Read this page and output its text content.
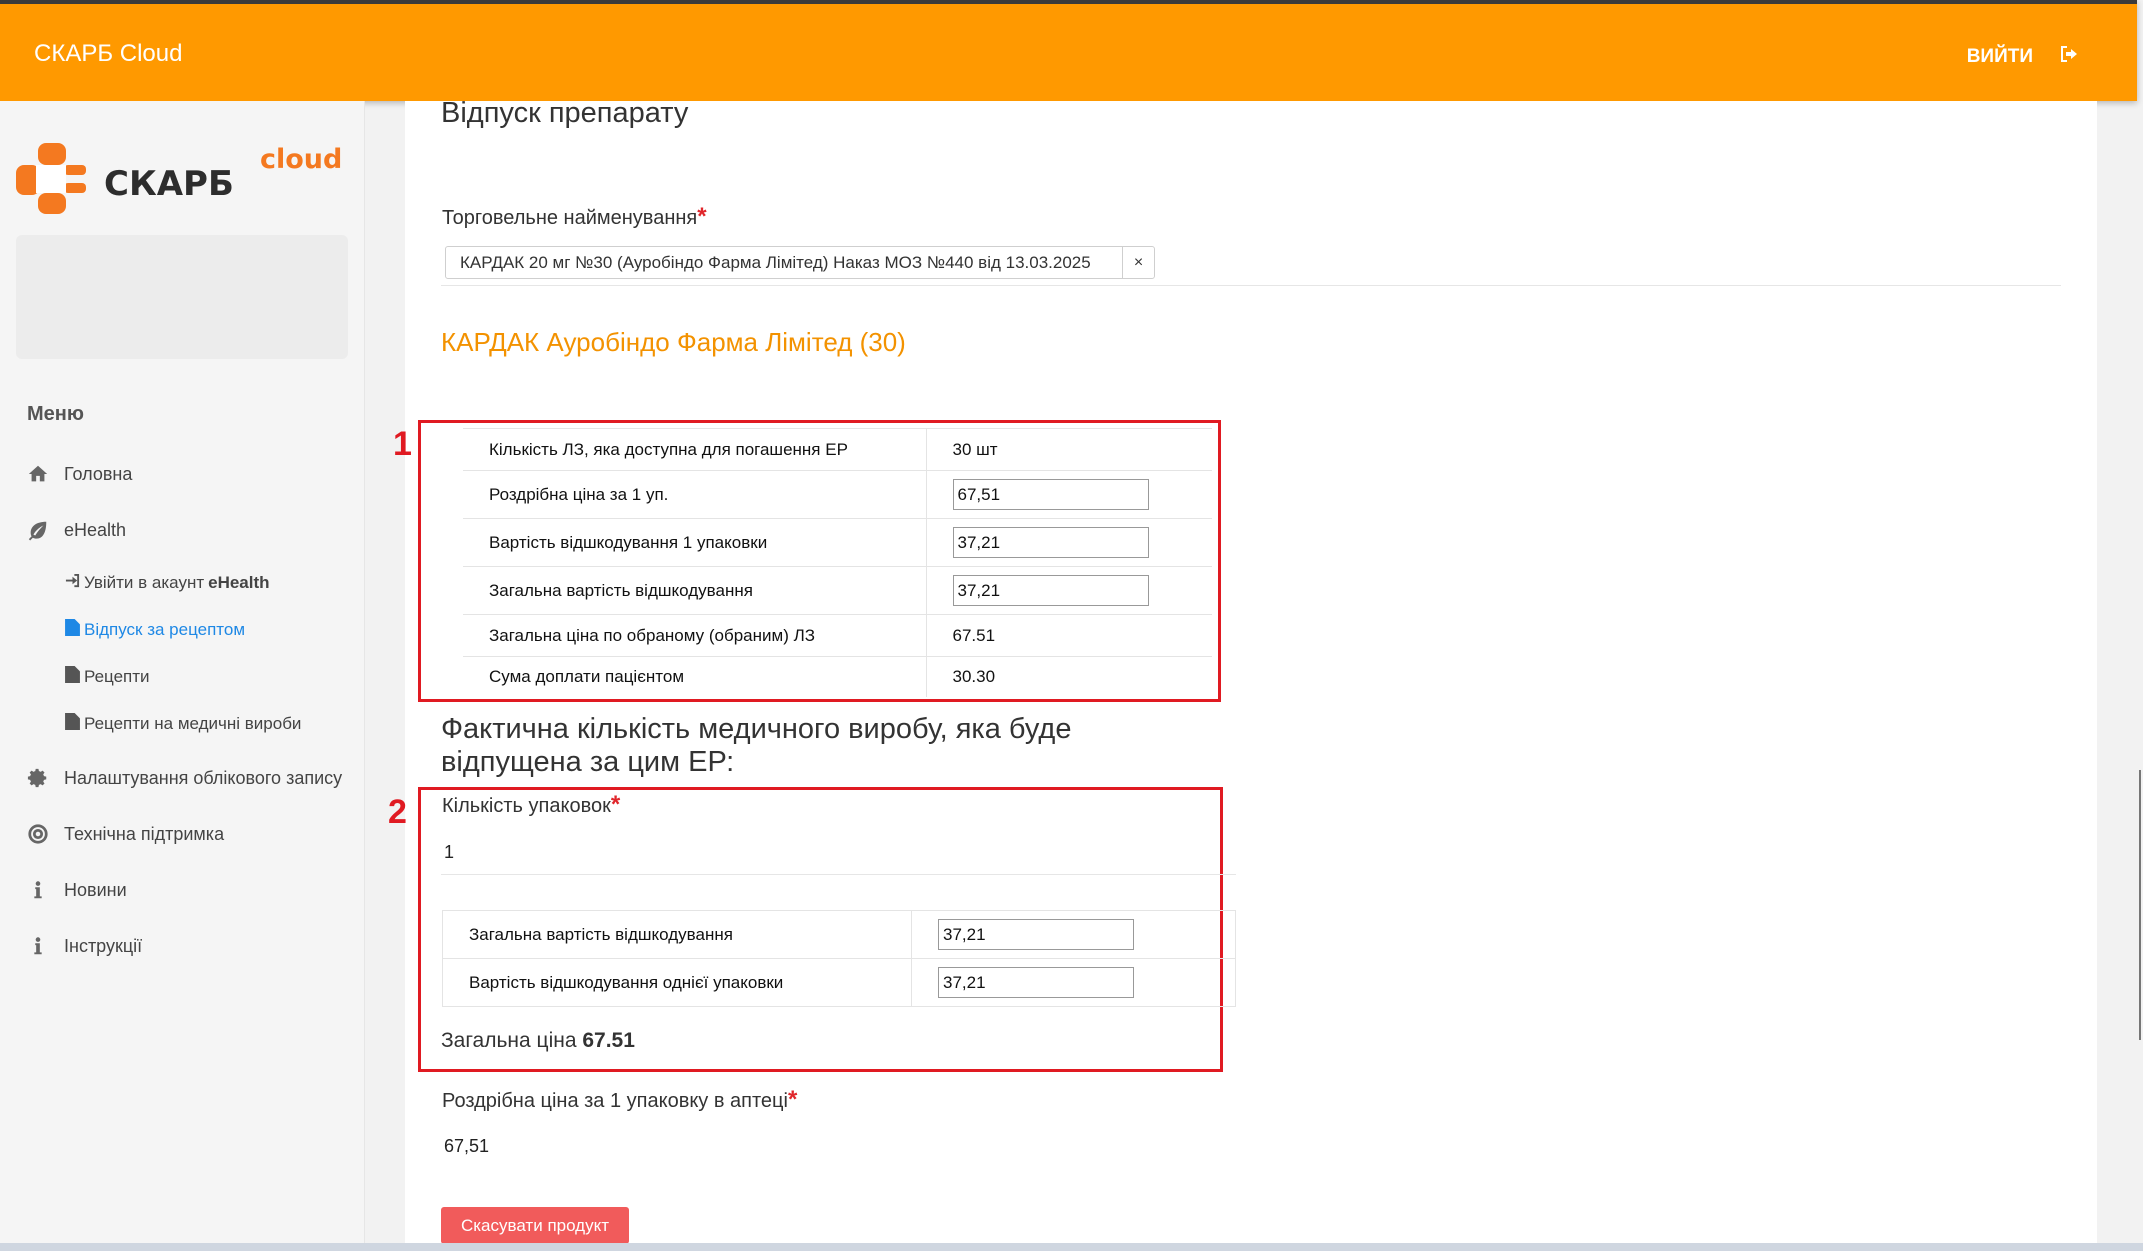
СКАРБ Cloud	ВИЙТИ
СКАРБ
cloud
Меню
Головна
eHealth
Увійти в акаунт eHealth
Відпуск за рецептом
Рецепти
Рецепти на медичні вироби
Налаштування облікового запису
Технічна підтримка
Новини
Інструкції
Відпуск препарату
Торговельне найменування*
КАРДАК 20 мг №30 (Ауробіндо Фарма Лімітед) Наказ МОЗ №440 від 13.03.2025	×
КАРДАК Ауробіндо Фарма Лімітед (30)
1	Кількість ЛЗ, яка доступна для погашення ЕР	30 шт
Роздрібна ціна за 1 уп.	67,51
Вартість відшкодування 1 упаковки	37,21
Загальна вартість відшкодування	37,21
Загальна ціна по обраному (обраним) ЛЗ	67.51
Сума доплати пацієнтом	30.30
Фактична кількість медичного виробу, яка буде відпущена за цим ЕР:
2 Кількість упаковок*
1
Загальна вартість відшкодування	37,21
Вартість відшкодування однієї упаковки	37,21
Загальна ціна 67.51
Роздрібна ціна за 1 упаковку в аптеці*
67,51
Скасувати продукт
